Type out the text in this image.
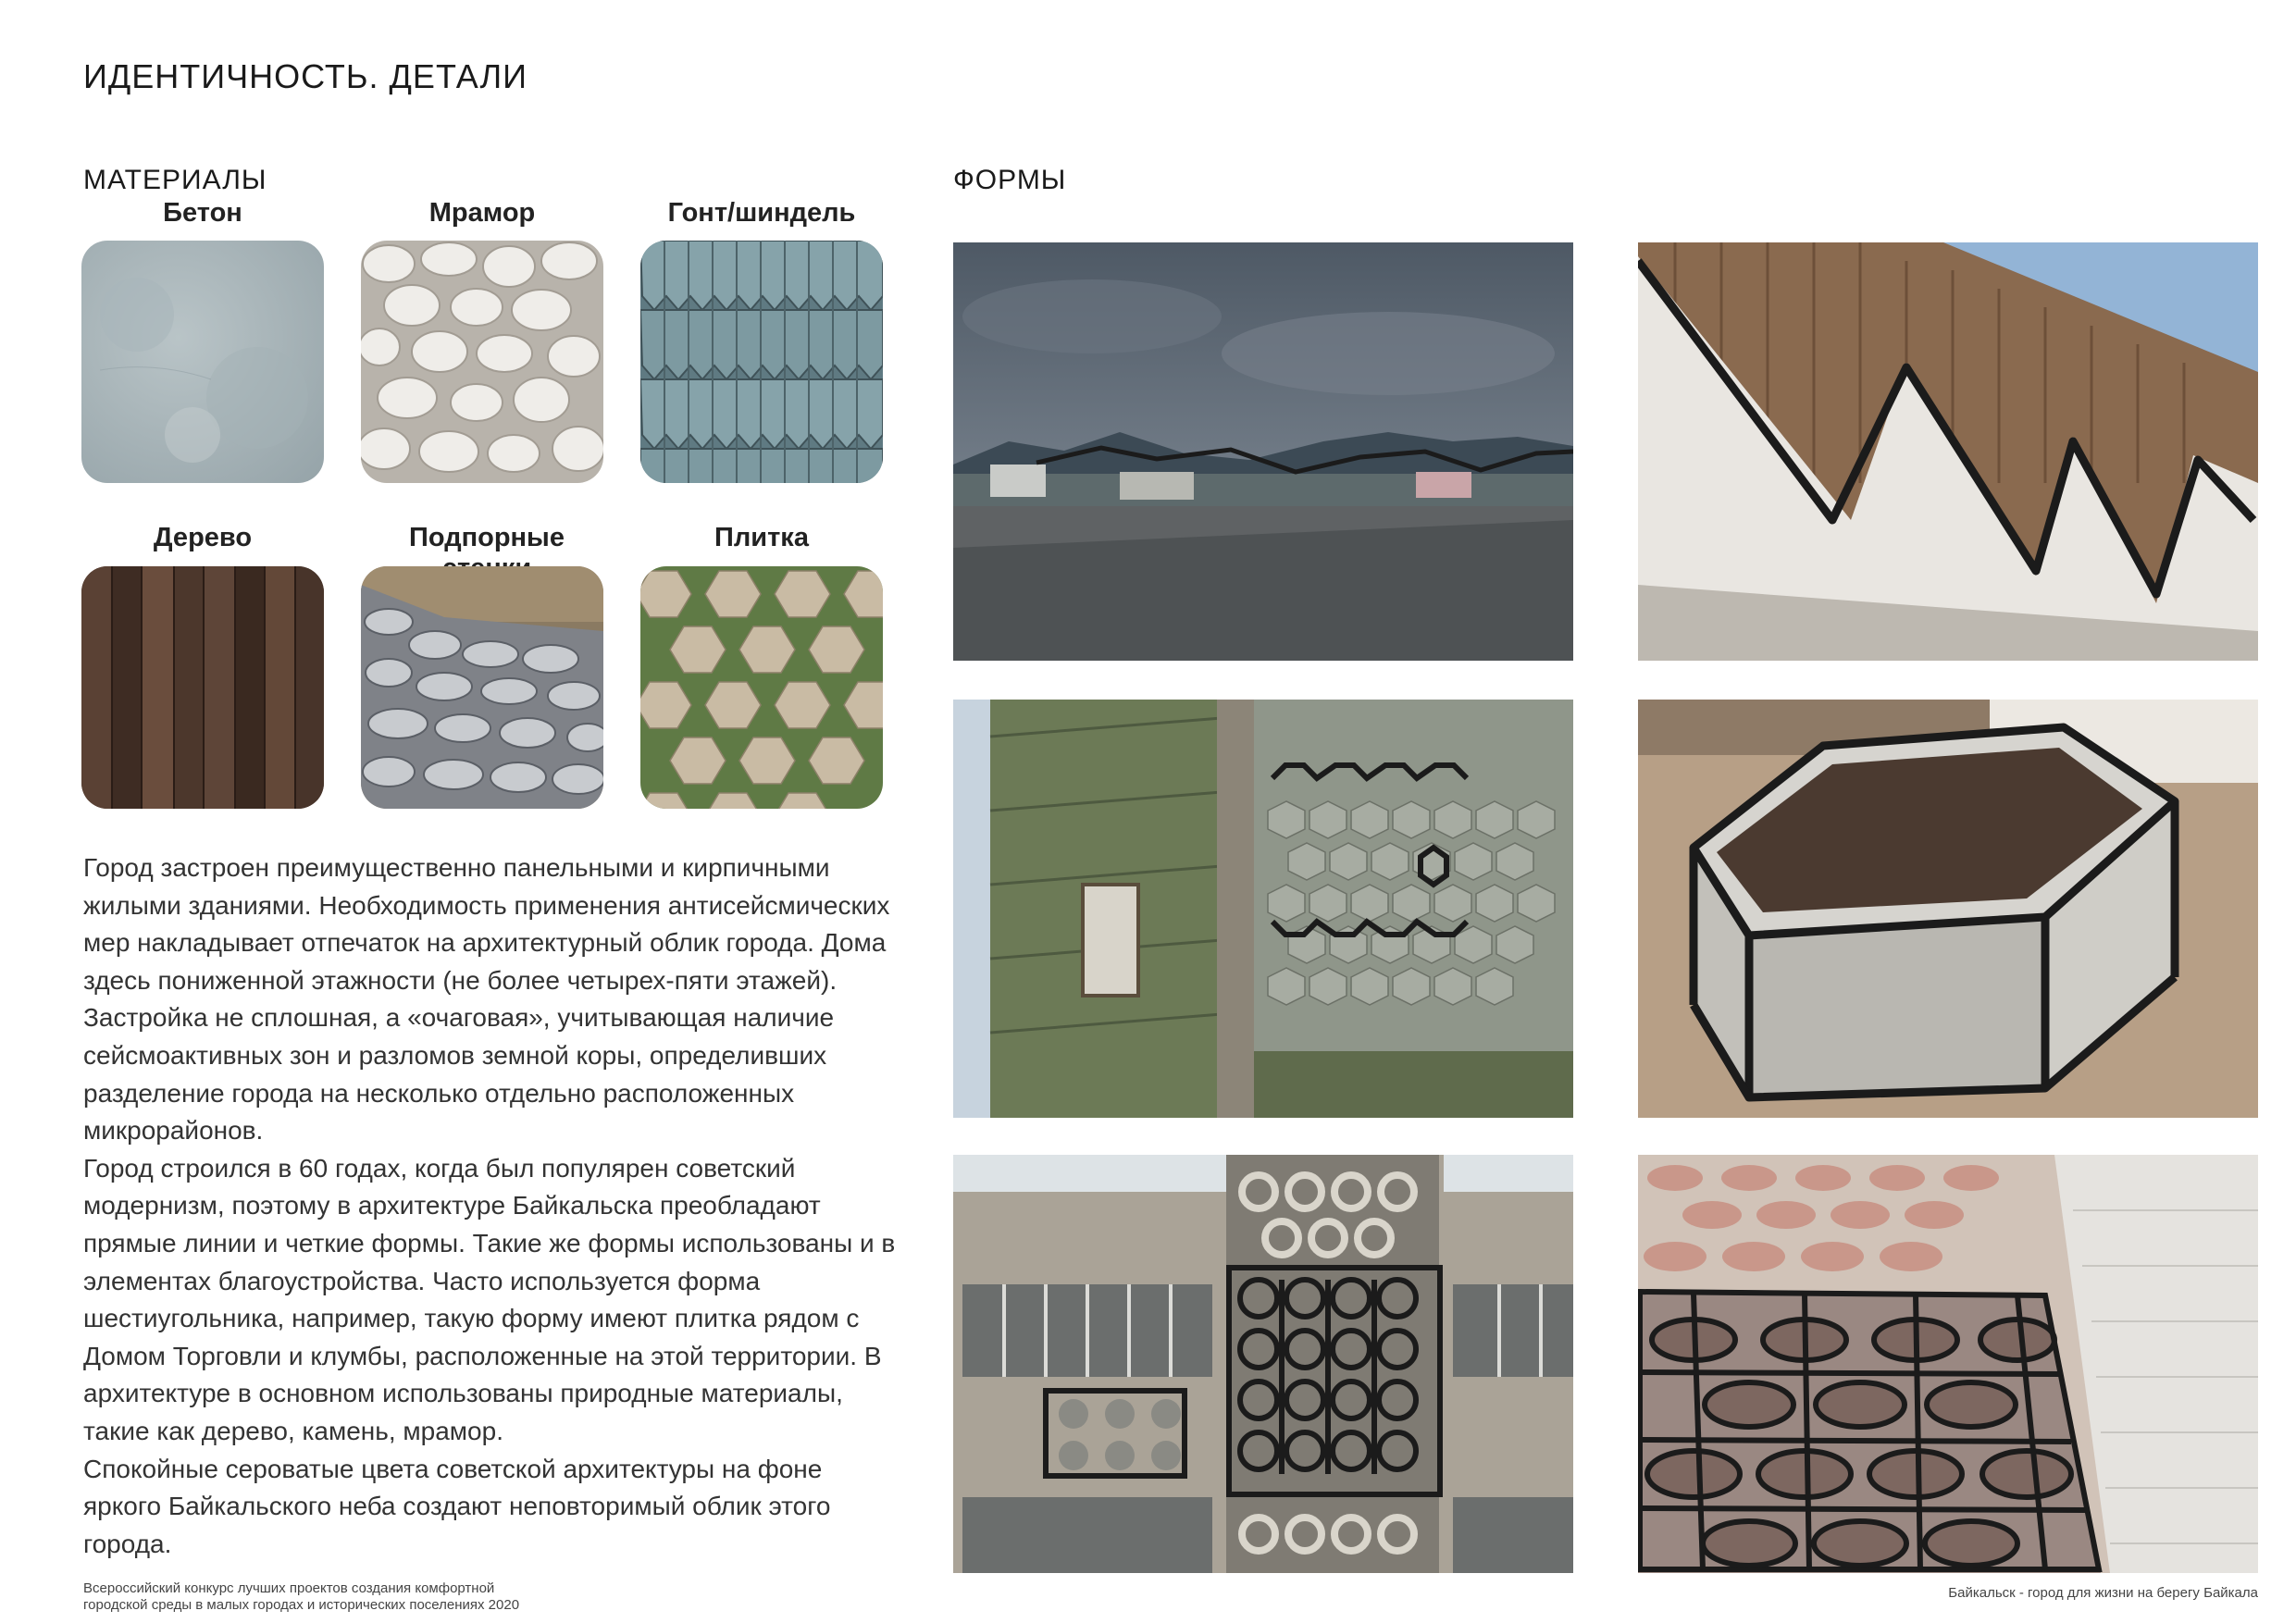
ИДЕНТИЧНОСТЬ. ДЕТАЛИ
МАТЕРИАЛЫ
Бетон	Мрамор	Гонт/шиндель
Дерево	Подпорные	Плитка

Город застроен преимущественно панельными и кирпичными жилыми зданиями. Необходимость применения антисейсмических мер накладывает отпечаток на архитектурный облик города. Дома здесь пониженной этажности (не более четырех-пяти этажей). Застройка не сплошная, а «очаговая», учитывающая наличие сейсмоактивных зон и разломов земной коры, определивших разделение города на несколько отдельно расположенных микрорайонов.

Город строился в 60 годах, когда был популярен советский модернизм, поэтому в архитектуре Байкальска преобладают прямые линии и четкие формы. Такие же формы использованы и в элементах благоустройства. Часто используется форма шестиугольника, например, такую форму имеют плитка рядом с Домом Торговли и клумбы, расположенные на этой территории. В архитектуре в основном использованы природные материалы, такие как дерево, камень, мрамор.

Спокойные сероватые цвета советской архитектуры на фоне яркого Байкальского неба создают неповторимый облик этого города.

ФОРМЫ
Всероссийский конкурс лучших проектов создания комфортной
городской среды в малых городах и исторических поселениях 2020
Байкальск - город для жизни на берегу Байкала
